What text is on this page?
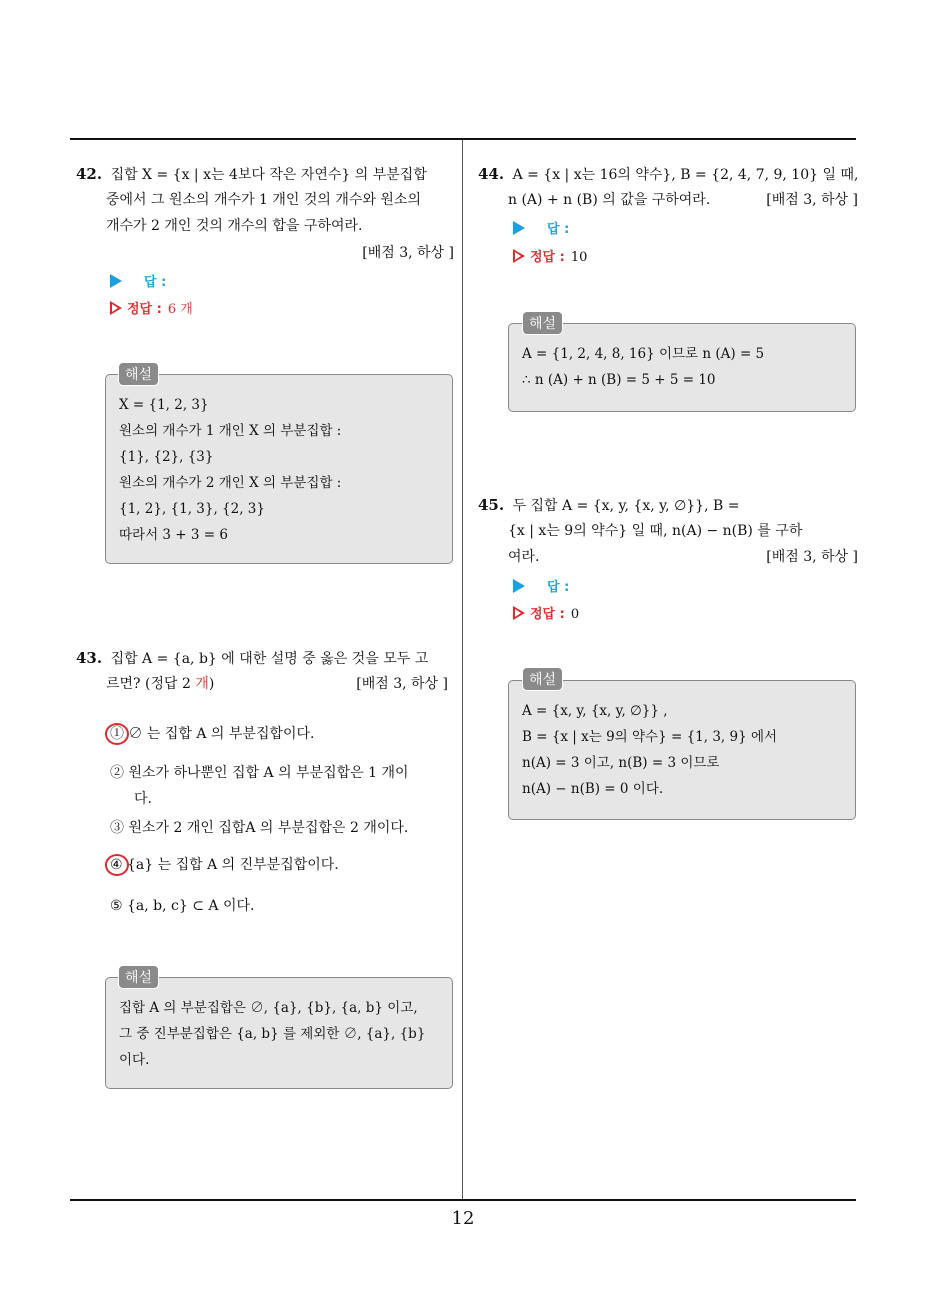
42. 집합 X = {x | x는 4보다 작은 자연수} 의 부분집합
중에서 그 원소의 개수가 1 개인 것의 개수와 원소의
개수가 2 개인 것의 개수의 합을 구하여라.
[배점 3, 하상 ]
답 :
정답 : 6 개
X = {1, 2, 3}
원소의 개수가 1 개인 X 의 부분집합 :
{1}, {2}, {3}
원소의 개수가 2 개인 X 의 부분집합 :
{1, 2}, {1, 3}, {2, 3}
따라서 3 + 3 = 6
해설
43. 집합 A = {a, b} 에 대한 설명 중 옳은 것을 모두 고
르면? (정답 2 개)	[배점 3, 하상 ]
① ∅ 는 집합 A 의 부분집합이다.
② 원소가 하나뿐인 집합 A 의 부분집합은 1 개이
다.
③ 원소가 2 개인 집합A 의 부분집합은 2 개이다.
④ {a} 는 집합 A 의 진부분집합이다.
⑤ {a, b, c} ⊂ A 이다.
집합 A 의 부분집합은 ∅, {a}, {b}, {a, b} 이고,
그 중 진부분집합은 {a, b} 를 제외한 ∅, {a}, {b}
이다.
해설
44. A = {x | x는 16의 약수}, B = {2, 4, 7, 9, 10} 일 때,
n (A) + n (B) 의 값을 구하여라.	[배점 3, 하상 ]
답 :
정답 : 10
A = {1, 2, 4, 8, 16} 이므로 n (A) = 5
∴ n (A) + n (B) = 5 + 5 = 10
해설
45. 두 집합 A = {x, y, {x, y, ∅}}, B =
{x | x는 9의 약수} 일 때, n(A) − n(B) 를 구하
여라.	[배점 3, 하상 ]
답 :
정답 : 0
A = {x, y, {x, y, ∅}} ,
B = {x | x는 9의 약수} = {1, 3, 9} 에서
n(A) = 3 이고, n(B) = 3 이므로
n(A) − n(B) = 0 이다.
해설
12
